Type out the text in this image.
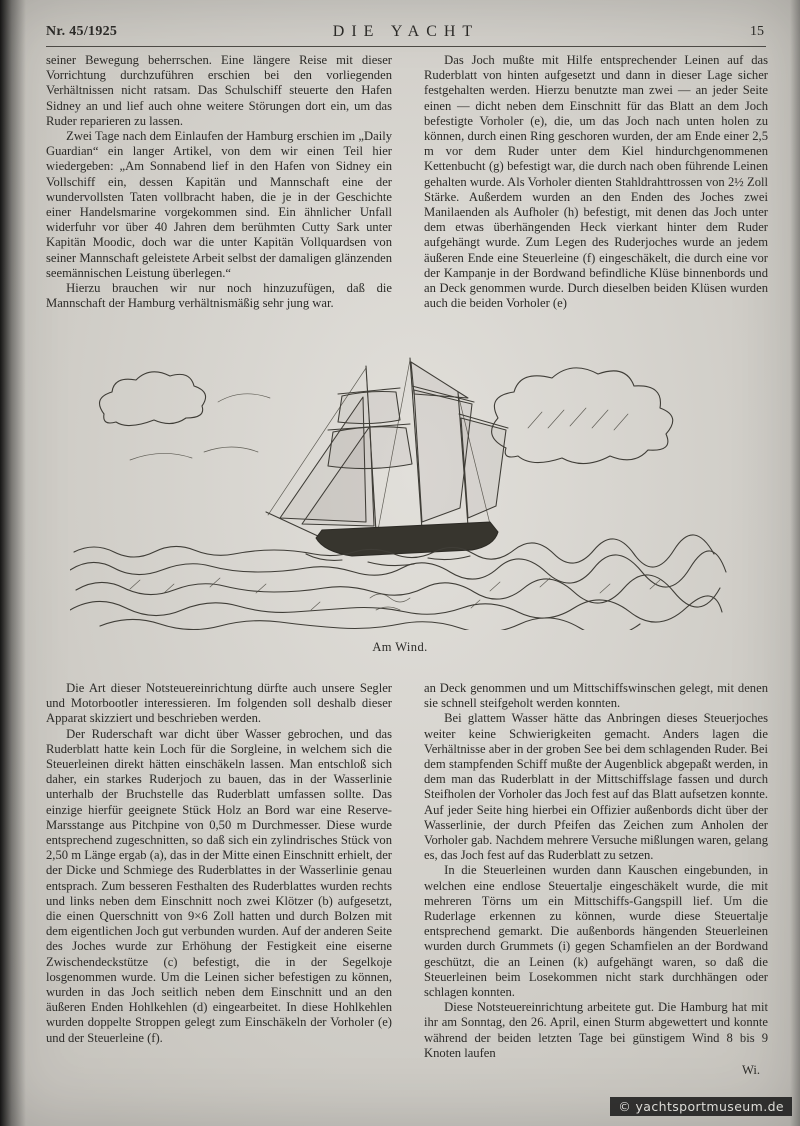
Nr. 45/1925	DIE YACHT	15

seiner Bewegung beherrschen. Eine längere Reise mit dieser Vorrichtung durchzuführen erschien bei den vorliegenden Verhältnissen nicht ratsam. Das Schulschiff steuerte den Hafen Sidney an und lief auch ohne weitere Störungen dort ein, um das Ruder reparieren zu lassen.

Zwei Tage nach dem Einlaufen der Hamburg erschien im „Daily Guardian“ ein langer Artikel, von dem wir einen Teil hier wiedergeben: „Am Sonnabend lief in den Hafen von Sidney ein Vollschiff ein, dessen Kapitän und Mannschaft eine der wundervollsten Taten vollbracht haben, die je in der Geschichte einer Handelsmarine vorgekommen sind. Ein ähnlicher Unfall widerfuhr vor über 40 Jahren dem berühmten Cutty Sark unter Kapitän Moodic, doch war die unter Kapitän Vollquardsen von seiner Mannschaft geleistete Arbeit selbst der damaligen glänzenden seemännischen Leistung überlegen.“

Hierzu brauchen wir nur noch hinzuzufügen, daß die Mannschaft der Hamburg verhältnismäßig sehr jung war.

Das Joch mußte mit Hilfe entsprechender Leinen auf das Ruderblatt von hinten aufgesetzt und dann in dieser Lage sicher festgehalten werden. Hierzu benutzte man zwei — an jeder Seite einen — dicht neben dem Einschnitt für das Blatt an dem Joch befestigte Vorholer (e), die, um das Joch nach unten holen zu können, durch einen Ring geschoren wurden, der am Ende einer 2,5 m vor dem Ruder unter dem Kiel hindurchgenommenen Kettenbucht (g) befestigt war, die durch nach oben führende Leinen gehalten wurde. Als Vorholer dienten Stahldrahttrossen von 2½ Zoll Stärke. Außerdem wurden an den Enden des Joches zwei Manilaenden als Aufholer (h) befestigt, mit denen das Joch unter dem etwas überhängenden Heck vierkant hinter dem Ruder aufgehängt wurde. Zum Legen des Ruderjoches wurde an jedem äußeren Ende eine Steuerleine (f) eingeschäkelt, die durch eine vor der Kampanje in der Bordwand befindliche Klüse binnenbords und an Deck genommen wurde. Durch dieselben beiden Klüsen wurden auch die beiden Vorholer (e)

Am Wind.

Die Art dieser Notsteuereinrichtung dürfte auch unsere Segler und Motorbootler interessieren. Im folgenden soll deshalb dieser Apparat skizziert und beschrieben werden.

Der Ruderschaft war dicht über Wasser gebrochen, und das Ruderblatt hatte kein Loch für die Sorgleine, in welchem sich die Steuerleinen direkt hätten einschäkeln lassen. Man entschloß sich daher, ein starkes Ruderjoch zu bauen, das in der Wasserlinie unterhalb der Bruchstelle das Ruderblatt umfassen sollte. Das einzige hierfür geeignete Stück Holz an Bord war eine Reserve-Marsstange aus Pitchpine von 0,50 m Durchmesser. Diese wurde entsprechend zugeschnitten, so daß sich ein zylindrisches Stück von 2,50 m Länge ergab (a), das in der Mitte einen Einschnitt erhielt, der der Dicke und Schmiege des Ruderblattes in der Wasserlinie genau entsprach. Zum besseren Festhalten des Ruderblattes wurden rechts und links neben dem Einschnitt noch zwei Klötzer (b) aufgesetzt, die einen Querschnitt von 9×6 Zoll hatten und durch Bolzen mit dem eigentlichen Joch gut verbunden wurden. Auf der anderen Seite des Joches wurde zur Erhöhung der Festigkeit eine eiserne Zwischendeckstütze (c) befestigt, die in der Segelkoje losgenommen wurde. Um die Leinen sicher befestigen zu können, wurden in das Joch seitlich neben dem Einschnitt und an den äußeren Enden Hohlkehlen (d) eingearbeitet. In diese Hohlkehlen wurden doppelte Stroppen gelegt zum Einschäkeln der Vorholer (e) und der Steuerleine (f).

an Deck genommen und um Mittschiffswinschen gelegt, mit denen sie schnell steifgeholt werden konnten.

Bei glattem Wasser hätte das Anbringen dieses Steuerjoches weiter keine Schwierigkeiten gemacht. Anders lagen die Verhältnisse aber in der groben See bei dem schlagenden Ruder. Bei dem stampfenden Schiff mußte der Augenblick abgepaßt werden, in dem man das Ruderblatt in der Mittschiffslage fassen und durch Steifholen der Vorholer das Joch fest auf das Blatt aufsetzen konnte. Auf jeder Seite hing hierbei ein Offizier außenbords dicht über der Wasserlinie, der durch Pfeifen das Zeichen zum Anholen der Vorholer gab. Nachdem mehrere Versuche mißlungen waren, gelang es, das Joch fest auf das Ruderblatt zu setzen.

In die Steuerleinen wurden dann Kauschen eingebunden, in welchen eine endlose Steuertalje eingeschäkelt wurde, die mit mehreren Törns um ein Mittschiffs-Gangspill lief. Um die Ruderlage erkennen zu können, wurde diese Steuertalje entsprechend gemarkt. Die außenbords hängenden Steuerleinen wurden durch Grummets (i) gegen Schamfielen an der Bordwand geschützt, die an Leinen (k) aufgehängt waren, so daß die Steuerleinen beim Losekommen nicht stark durchhängen oder schlagen konnten.

Diese Notsteuereinrichtung arbeitete gut. Die Hamburg hat mit ihr am Sonntag, den 26. April, einen Sturm abgewettert und konnte während der beiden letzten Tage bei günstigem Wind 8 bis 9 Knoten laufen

Wi.

© yachtsportmuseum.de
